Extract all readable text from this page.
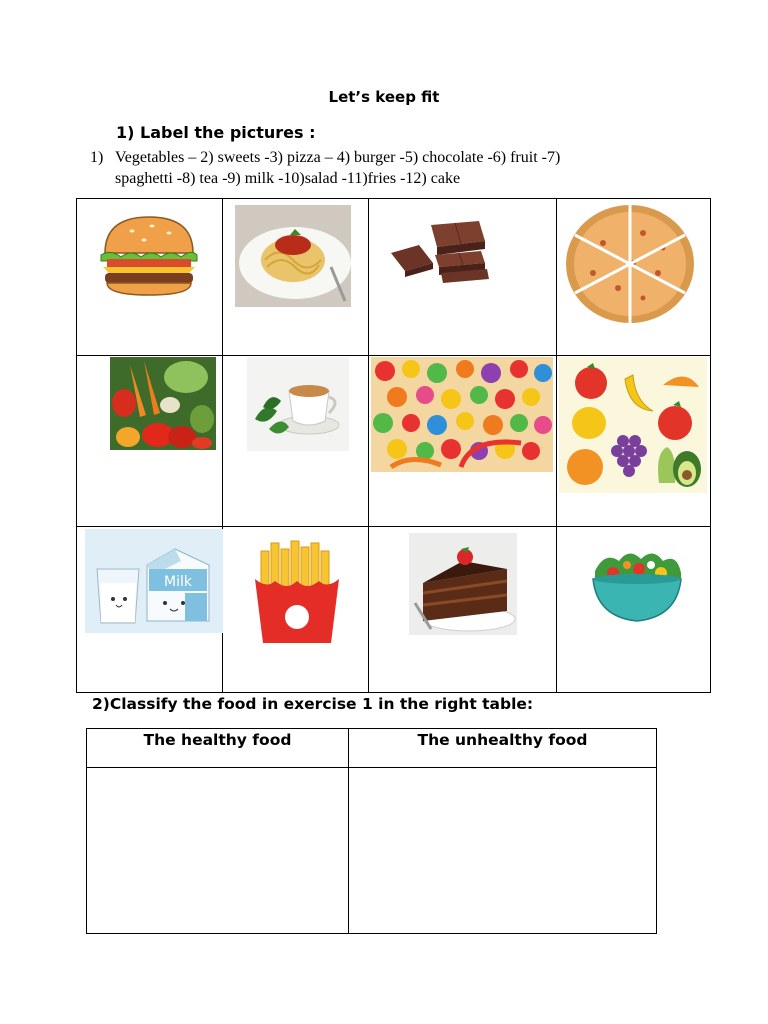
Let’s keep fit
1) Label the pictures :
1) Vegetables – 2) sweets -3) pizza – 4) burger -5) chocolate -6) fruit -7)
spaghetti -8) tea -9) milk -10)salad -11)fries -12) cake

Milk

2)Classify the food in exercise 1 in the right table:
The healthy food	The unhealthy food
